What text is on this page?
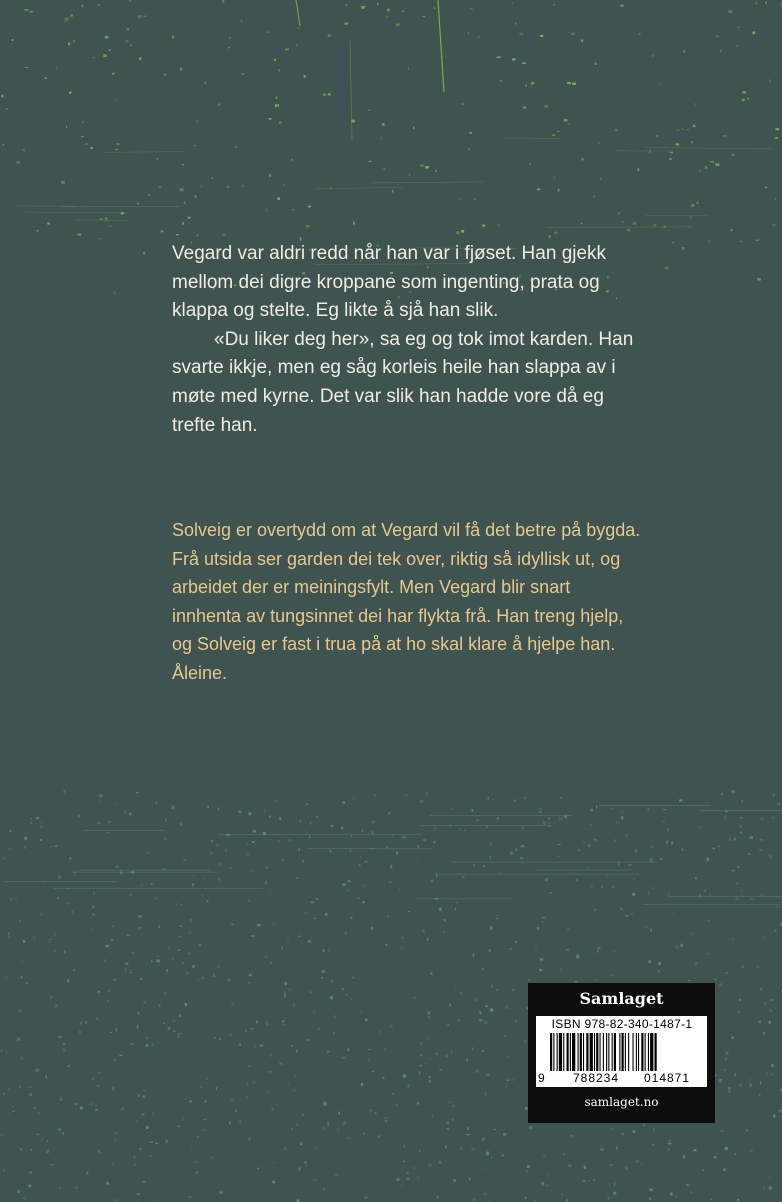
Vegard var aldri redd når han var i fjøset. Han gjekk mellom dei digre kroppane som ingenting, prata og klappa og stelte. Eg likte å sjå han slik.

«Du liker deg her», sa eg og tok imot karden. Han svarte ikkje, men eg såg korleis heile han slappa av i møte med kyrne. Det var slik han hadde vore då eg trefte han.

Solveig er overtydd om at Vegard vil få det betre på bygda. Frå utsida ser garden dei tek over, riktig så idyllisk ut, og arbeidet der er meiningsfylt. Men Vegard blir snart innhenta av tungsinnet dei har flykta frå. Han treng hjelp, og Solveig er fast i trua på at ho skal klare å hjelpe han. Åleine.

Samlaget
ISBN 978-82-340-1487-1
9	788234	014871
samlaget.no
